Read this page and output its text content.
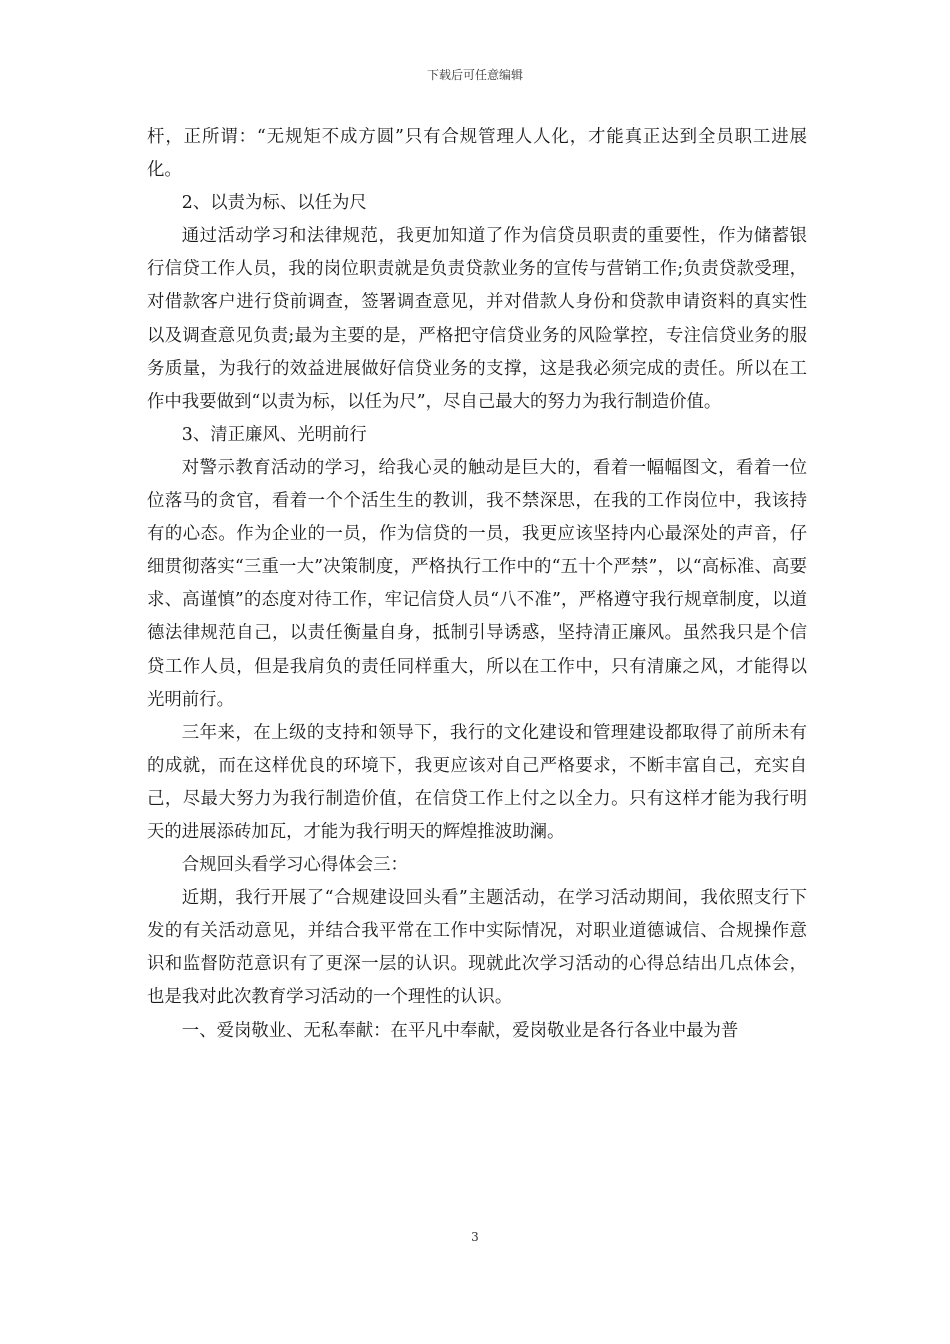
下载后可任意编辑

杆，正所谓：“无规矩不成方圆”只有合规管理人人化，才能真正达到全员职工进展化。

2、以责为标、以任为尺

通过活动学习和法律规范，我更加知道了作为信贷员职责的重要性，作为储蓄银行信贷工作人员，我的岗位职责就是负责贷款业务的宣传与营销工作;负责贷款受理，对借款客户进行贷前调查，签署调查意见，并对借款人身份和贷款申请资料的真实性以及调查意见负责;最为主要的是，严格把守信贷业务的风险掌控，专注信贷业务的服务质量，为我行的效益进展做好信贷业务的支撑，这是我必须完成的责任。所以在工作中我要做到“以责为标，以任为尺”，尽自己最大的努力为我行制造价值。

3、清正廉风、光明前行

对警示教育活动的学习，给我心灵的触动是巨大的，看着一幅幅图文，看着一位位落马的贪官，看着一个个活生生的教训，我不禁深思，在我的工作岗位中，我该持有的心态。作为企业的一员，作为信贷的一员，我更应该坚持内心最深处的声音，仔细贯彻落实“三重一大”决策制度，严格执行工作中的“五十个严禁”，以“高标准、高要求、高谨慎”的态度对待工作，牢记信贷人员“八不准”，严格遵守我行规章制度，以道德法律规范自己，以责任衡量自身，抵制引导诱惑，坚持清正廉风。虽然我只是个信贷工作人员，但是我肩负的责任同样重大，所以在工作中，只有清廉之风，才能得以光明前行。

三年来，在上级的支持和领导下，我行的文化建设和管理建设都取得了前所未有的成就，而在这样优良的环境下，我更应该对自己严格要求，不断丰富自己，充实自己，尽最大努力为我行制造价值，在信贷工作上付之以全力。只有这样才能为我行明天的进展添砖加瓦，才能为我行明天的辉煌推波助澜。

合规回头看学习心得体会三：

近期，我行开展了“合规建设回头看”主题活动，在学习活动期间，我依照支行下发的有关活动意见，并结合我平常在工作中实际情况，对职业道德诚信、合规操作意识和监督防范意识有了更深一层的认识。现就此次学习活动的心得总结出几点体会，也是我对此次教育学习活动的一个理性的认识。

一、爱岗敬业、无私奉献：在平凡中奉献，爱岗敬业是各行各业中最为普

3
